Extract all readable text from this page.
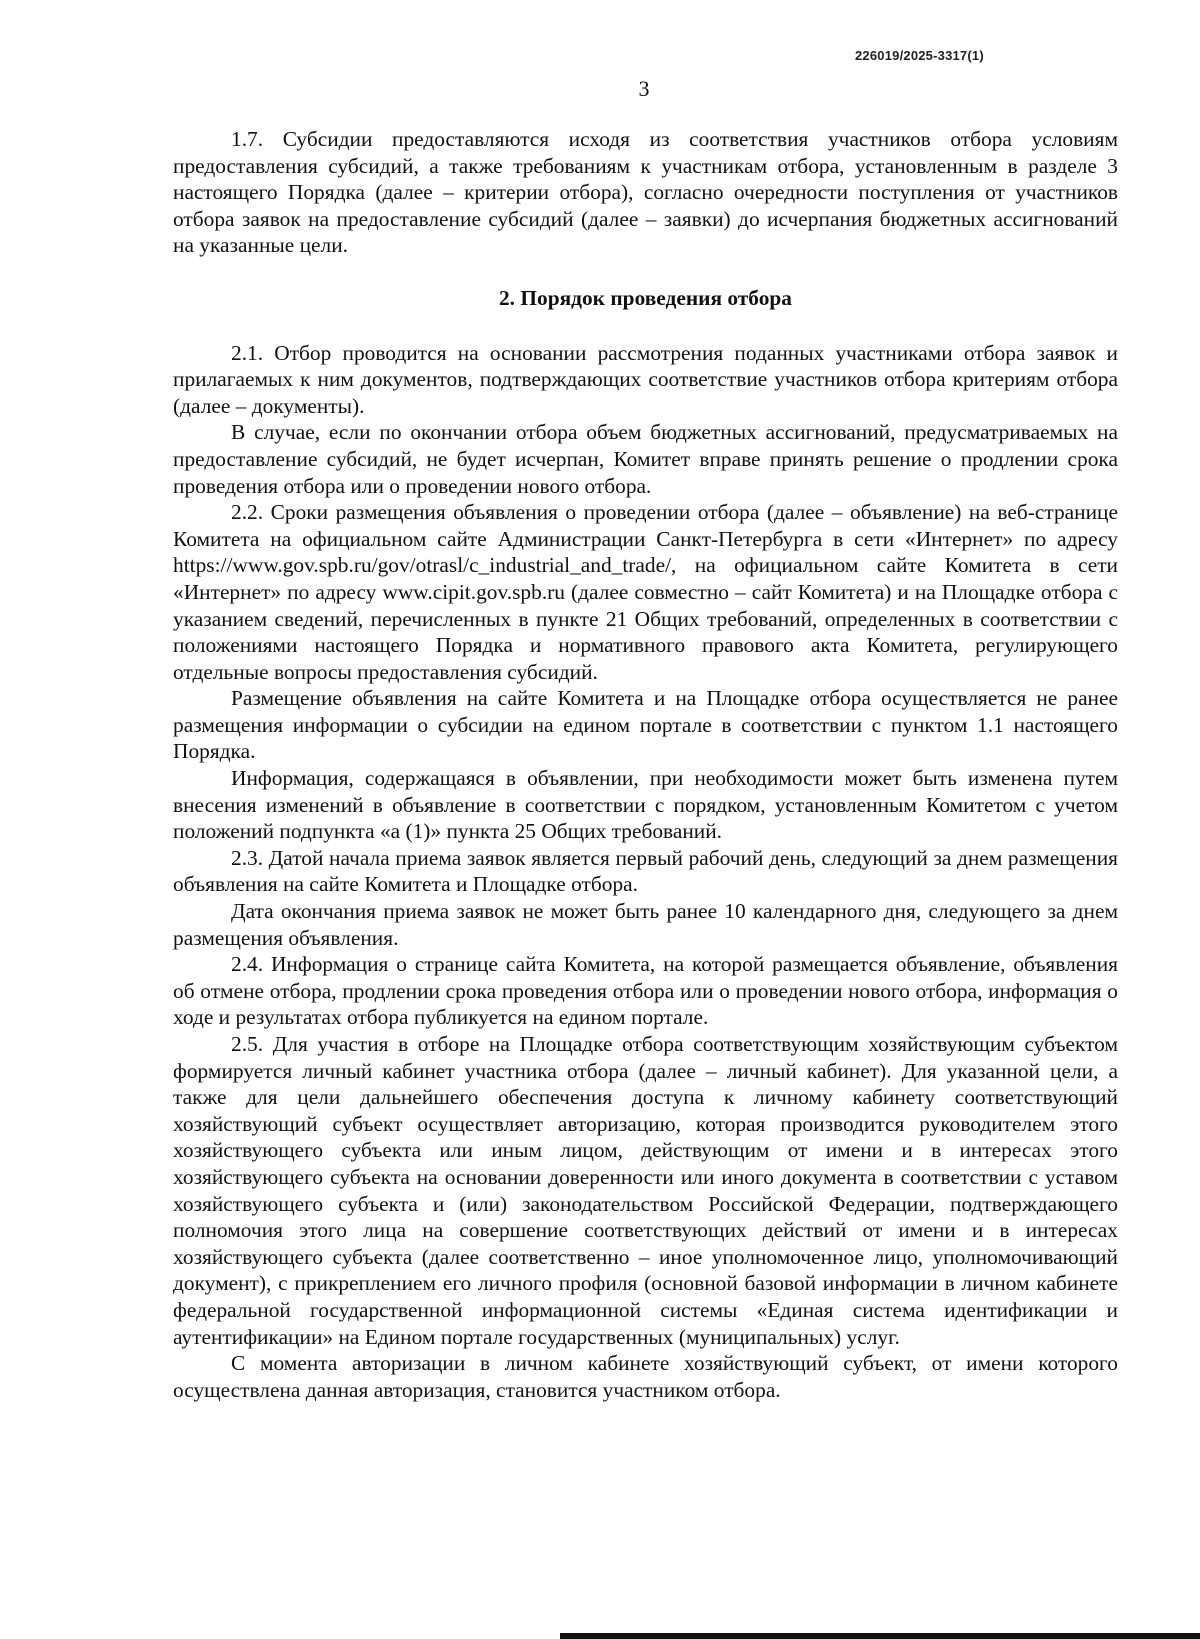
226019/2025-3317(1)
3

1.7. Субсидии предоставляются исходя из соответствия участников отбора условиям предоставления субсидий, а также требованиям к участникам отбора, установленным в разделе 3 настоящего Порядка (далее – критерии отбора), согласно очередности поступления от участников отбора заявок на предоставление субсидий (далее – заявки) до исчерпания бюджетных ассигнований на указанные цели.

2. Порядок проведения отбора

2.1. Отбор проводится на основании рассмотрения поданных участниками отбора заявок и прилагаемых к ним документов, подтверждающих соответствие участников отбора критериям отбора (далее – документы).

В случае, если по окончании отбора объем бюджетных ассигнований, предусматриваемых на предоставление субсидий, не будет исчерпан, Комитет вправе принять решение о продлении срока проведения отбора или о проведении нового отбора.

2.2. Сроки размещения объявления о проведении отбора (далее – объявление) на веб-странице Комитета на официальном сайте Администрации Санкт-Петербурга в сети «Интернет» по адресу https://www.gov.spb.ru/gov/otrasl/c_industrial_and_trade/, на официальном сайте Комитета в сети «Интернет» по адресу www.cipit.gov.spb.ru (далее совместно – сайт Комитета) и на Площадке отбора с указанием сведений, перечисленных в пункте 21 Общих требований, определенных в соответствии с положениями настоящего Порядка и нормативного правового акта Комитета, регулирующего отдельные вопросы предоставления субсидий.

Размещение объявления на сайте Комитета и на Площадке отбора осуществляется не ранее размещения информации о субсидии на едином портале в соответствии с пунктом 1.1 настоящего Порядка.

Информация, содержащаяся в объявлении, при необходимости может быть изменена путем внесения изменений в объявление в соответствии с порядком, установленным Комитетом с учетом положений подпункта «а (1)» пункта 25 Общих требований.

2.3. Датой начала приема заявок является первый рабочий день, следующий за днем размещения объявления на сайте Комитета и Площадке отбора.

Дата окончания приема заявок не может быть ранее 10 календарного дня, следующего за днем размещения объявления.

2.4. Информация о странице сайта Комитета, на которой размещается объявление, объявления об отмене отбора, продлении срока проведения отбора или о проведении нового отбора, информация о ходе и результатах отбора публикуется на едином портале.

2.5. Для участия в отборе на Площадке отбора соответствующим хозяйствующим субъектом формируется личный кабинет участника отбора (далее – личный кабинет). Для указанной цели, а также для цели дальнейшего обеспечения доступа к личному кабинету соответствующий хозяйствующий субъект осуществляет авторизацию, которая производится руководителем этого хозяйствующего субъекта или иным лицом, действующим от имени и в интересах этого хозяйствующего субъекта на основании доверенности или иного документа в соответствии с уставом хозяйствующего субъекта и (или) законодательством Российской Федерации, подтверждающего полномочия этого лица на совершение соответствующих действий от имени и в интересах хозяйствующего субъекта (далее соответственно – иное уполномоченное лицо, уполномочивающий документ), с прикреплением его личного профиля (основной базовой информации в личном кабинете федеральной государственной информационной системы «Единая система идентификации и аутентификации» на Едином портале государственных (муниципальных) услуг.

С момента авторизации в личном кабинете хозяйствующий субъект, от имени которого осуществлена данная авторизация, становится участником отбора.
